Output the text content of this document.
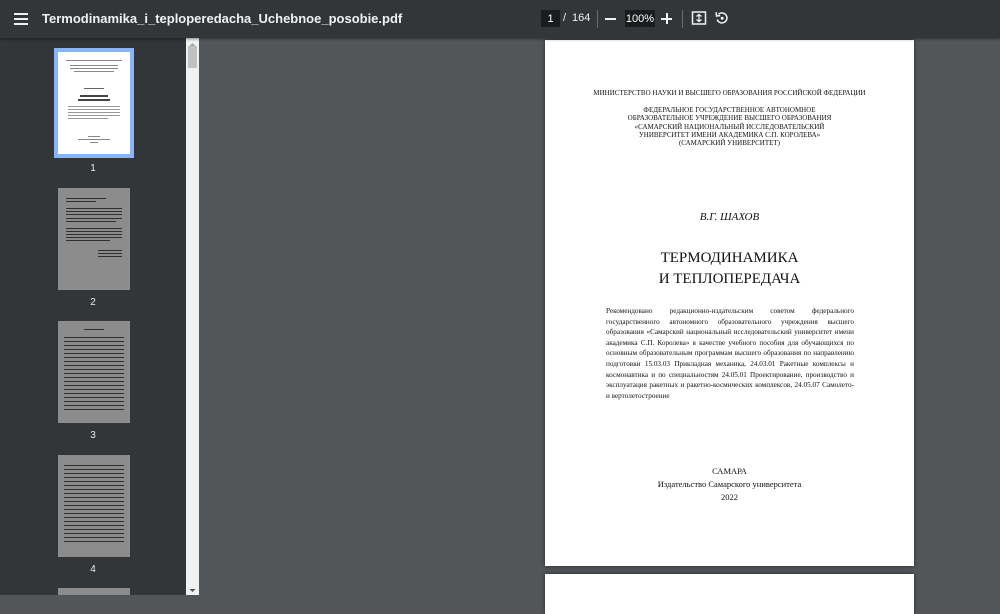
Termodinamika_i_teploperedacha_Uchebnoe_posobie.pdf
1	/ 164
100%
1
2
3
4
МИНИСТЕРСТВО НАУКИ И ВЫСШЕГО ОБРАЗОВАНИЯ РОССИЙСКОЙ ФЕДЕРАЦИИ
ФЕДЕРАЛЬНОЕ ГОСУДАРСТВЕННОЕ АВТОНОМНОЕ
ОБРАЗОВАТЕЛЬНОЕ УЧРЕЖДЕНИЕ ВЫСШЕГО ОБРАЗОВАНИЯ
«САМАРСКИЙ НАЦИОНАЛЬНЫЙ ИССЛЕДОВАТЕЛЬСКИЙ
УНИВЕРСИТЕТ ИМЕНИ АКАДЕМИКА С.П. КОРОЛЕВА»
(САМАРСКИЙ УНИВЕРСИТЕТ)
В.Г. ШАХОВ
ТЕРМОДИНАМИКА
И ТЕПЛОПЕРЕДАЧА
Рекомендовано редакционно-издательским советом федерального государственного автономного образовательного учреждения высшего образования «Самарский национальный исследовательский университет имени академика С.П. Королева» в качестве учебного пособия для обучающихся по основным образовательным программам высшего образования по направлению подготовки 15.03.03 Прикладная механика, 24.03.01 Ракетные комплексы и космонавтика и по специальностям 24.05.01 Проектирование, производство и эксплуатация ракетных и ракетно-космических комплексов, 24.05.07 Самолето- и вертолетостроение
САМАРА
Издательство Самарского университета
2022
